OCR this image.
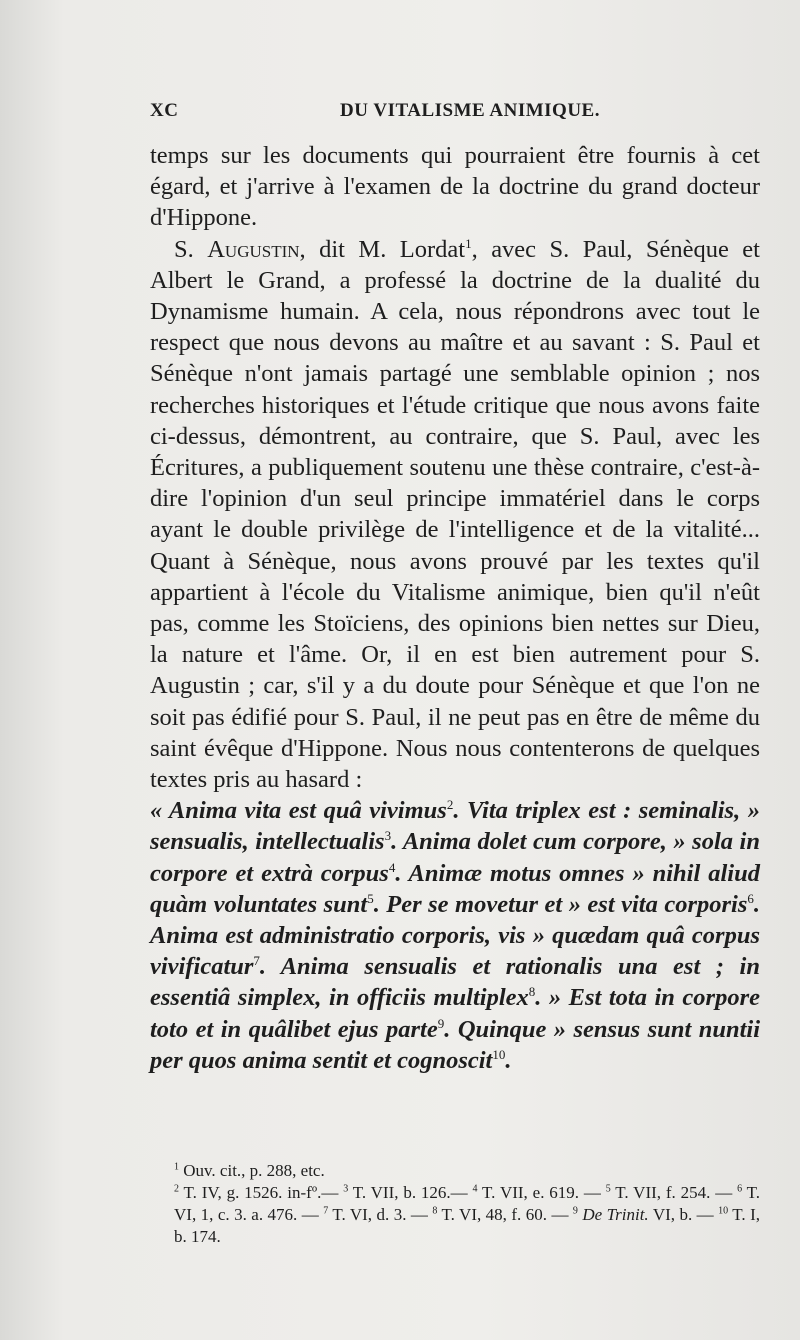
XC	DU VITALISME ANIMIQUE.

temps sur les documents qui pourraient être fournis à cet égard, et j'arrive à l'examen de la doctrine du grand docteur d'Hippone.

S. Augustin, dit M. Lordat$^1$, avec S. Paul, Sénèque et Albert le Grand, a professé la doctrine de la dualité du Dynamisme humain. A cela, nous répondrons avec tout le respect que nous devons au maître et au savant : S. Paul et Sénèque n'ont jamais partagé une semblable opinion ; nos recherches historiques et l'étude critique que nous avons faite ci-dessus, démontrent, au contraire, que S. Paul, avec les Écritures, a publiquement soutenu une thèse contraire, c'est-à-dire l'opinion d'un seul principe immatériel dans le corps ayant le double privilège de l'intelligence et de la vitalité... Quant à Sénèque, nous avons prouvé par les textes qu'il appartient à l'école du Vitalisme animique, bien qu'il n'eût pas, comme les Stoïciens, des opinions bien nettes sur Dieu, la nature et l'âme. Or, il en est bien autrement pour S. Augustin ; car, s'il y a du doute pour Sénèque et que l'on ne soit pas édifié pour S. Paul, il ne peut pas en être de même du saint évêque d'Hippone. Nous nous contenterons de quelques textes pris au hasard :

« Anima vita est quâ vivimus$^2$. Vita triplex est : seminalis, » sensualis, intellectualis$^3$. Anima dolet cum corpore, » sola in corpore et extrà corpus$^4$. Animæ motus omnes » nihil aliud quàm voluntates sunt$^5$. Per se movetur et » est vita corporis$^6$. Anima est administratio corporis, vis » quædam quâ corpus vivificatur$^7$. Anima sensualis et rationalis una est ; in essentiâ simplex, in officiis multiplex$^8$. » Est tota in corpore toto et in quâlibet ejus parte$^9$. Quinque » sensus sunt nuntii per quos anima sentit et cognoscit$^{10}$.

$^1$ Ouv. cit., p. 288, etc.

$^2$ T. IV, g. 1526. in-fº.— $^3$ T. VII, b. 126.— $^4$ T. VII, e. 619. — $^5$ T. VII, f. 254. — $^6$ T. VI, 1, c. 3. a. 476. — $^7$ T. VI, d. 3. — $^8$ T. VI, 48, f. 60. — $^9$ De Trinit. VI, b. — $^{10}$ T. I, b. 174.
